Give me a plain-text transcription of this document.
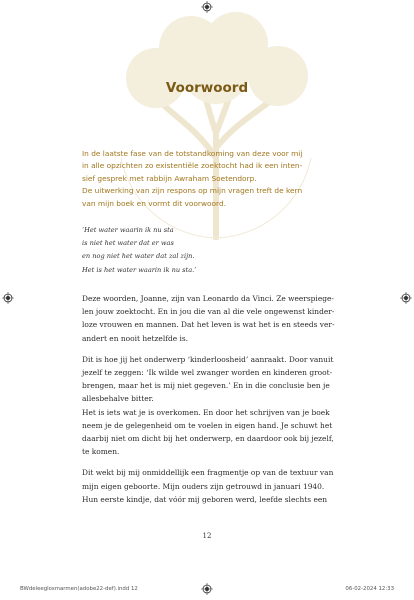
Voorwoord

In de laatste fase van de totstandkoming van deze voor mij

in alle opzichten zo existentiële zoektocht had ik een inten-

sief gesprek met rabbijn Awraham Soetendorp.

De uitwerking van zijn respons op mijn vragen treft de kern

van mijn boek en vormt dit voorwoord.

‘Het water waarin ik nu sta
is niet het water dat er was
en nog niet het water dat zal zijn.
Het is het water waarin ik nu sta.’
Deze woorden, Joanne, zijn van Leonardo da Vinci. Ze weerspiege-
len jouw zoektocht. En in jou die van al die vele ongewenst kinder-
loze vrouwen en mannen. Dat het leven is wat het is en steeds ver-
andert en nooit hetzelfde is.
Dit is hoe jij het onderwerp ‘kinderloosheid’ aanraakt. Door vanuit
jezelf te zeggen: ‘Ik wilde wel zwanger worden en kinderen groot-
brengen, maar het is mij niet gegeven.’ En in die conclusie ben je
allesbehalve bitter.
Het is iets wat je is overkomen. En door het schrijven van je boek
neem je de gelegenheid om te voelen in eigen hand. Je schuwt het
daarbij niet om dicht bij het onderwerp, en daardoor ook bij jezelf,
te komen.
Dit wekt bij mij onmiddellijk een fragmentje op van de textuur van
mijn eigen geboorte. Mijn ouders zijn getrouwd in januari 1940.
Hun eerste kindje, dat vóór mij geboren werd, leefde slechts een
12
BWdeleeglosmarmen(adobe22-def).indd 12	06-02-2024 12:33
